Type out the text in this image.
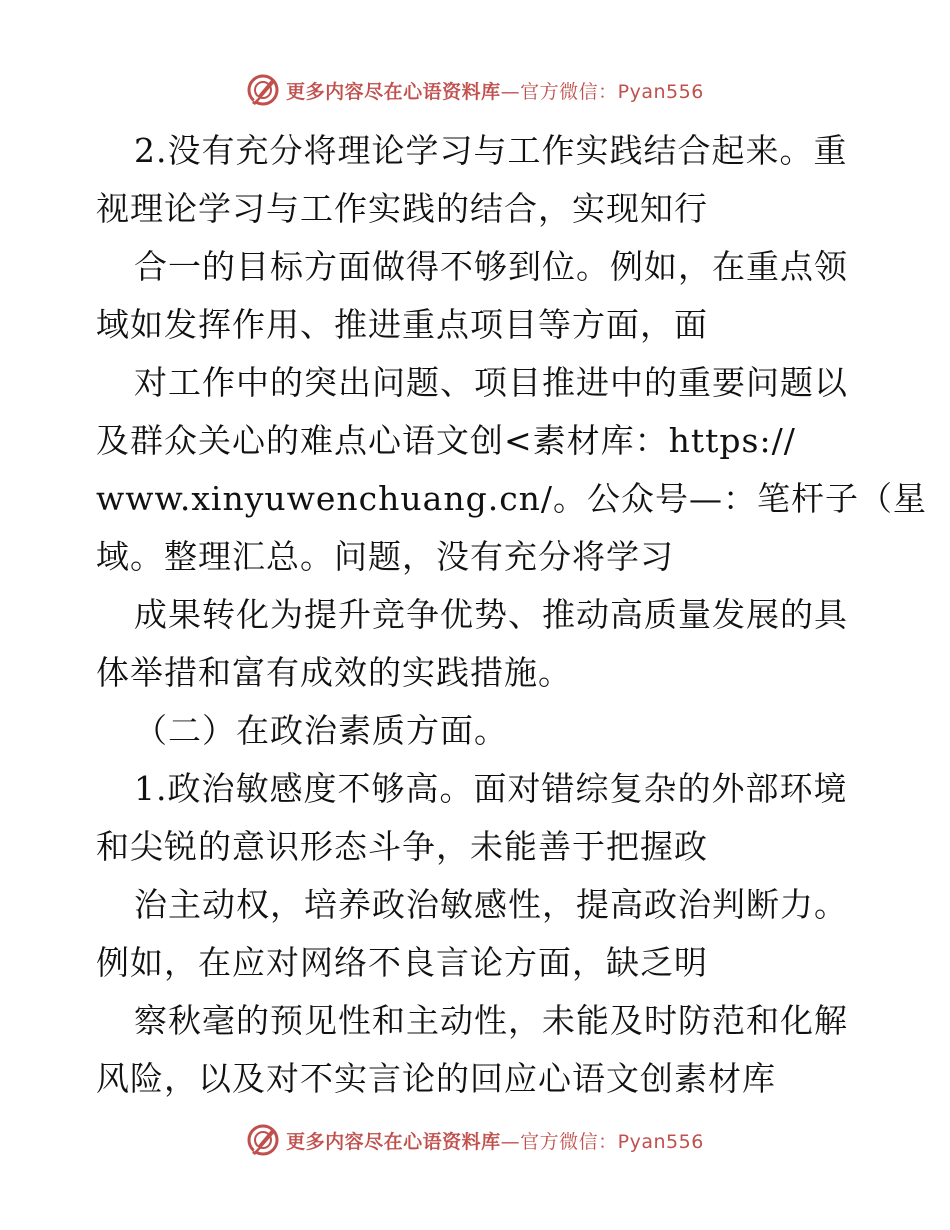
更多内容尽在心语资料库—官方微信：Pyan556
2.没有充分将理论学习与工作实践结合起来。重
视理论学习与工作实践的结合，实现知行
合一的目标方面做得不够到位。例如，在重点领
域如发挥作用、推进重点项目等方面，面
对工作中的突出问题、项目推进中的重要问题以
及群众关心的难点心语文创<素材库：https://
www.xinyuwenchuang.cn/。公众号—：笔杆子（星
域。整理汇总。问题，没有充分将学习
成果转化为提升竞争优势、推动高质量发展的具
体举措和富有成效的实践措施。
（二）在政治素质方面。
1.政治敏感度不够高。面对错综复杂的外部环境
和尖锐的意识形态斗争，未能善于把握政
治主动权，培养政治敏感性，提高政治判断力。
例如，在应对网络不良言论方面，缺乏明
察秋毫的预见性和主动性，未能及时防范和化解
风险，以及对不实言论的回应心语文创素材库
更多内容尽在心语资料库—官方微信：Pyan556
